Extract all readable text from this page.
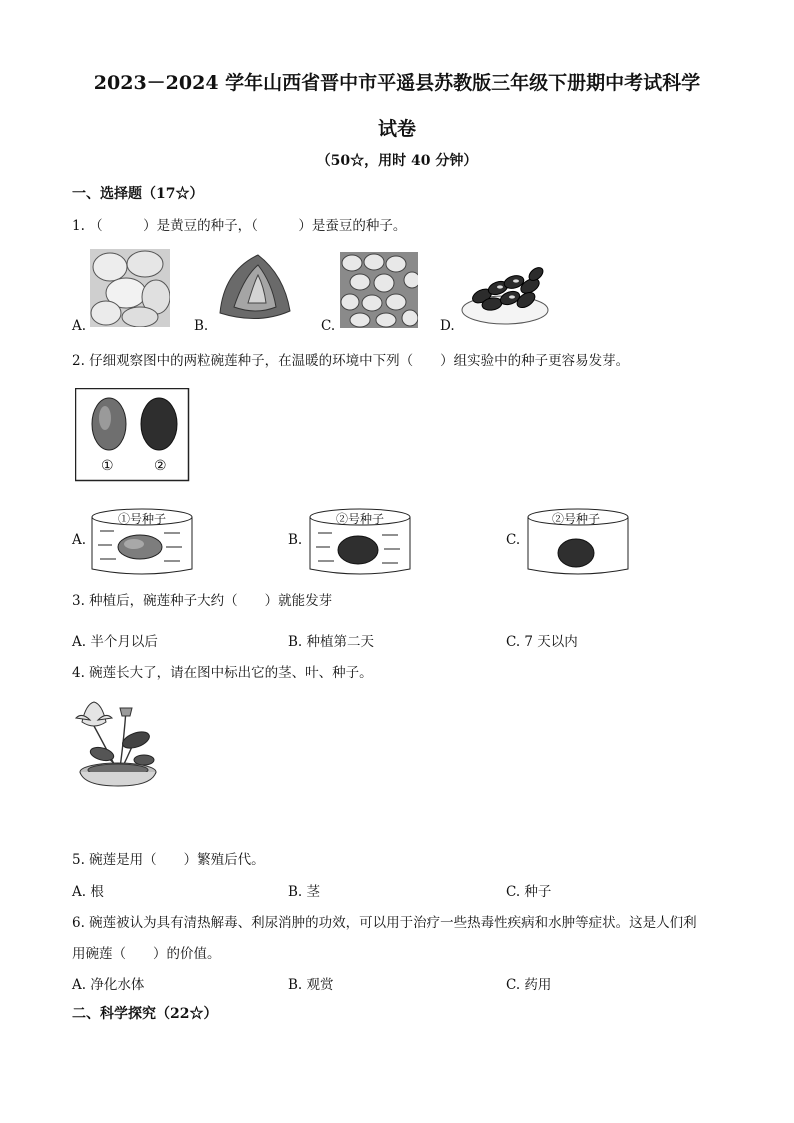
2023－2024 学年山西省晋中市平遥县苏教版三年级下册期中考试科学
试卷
（50☆，用时 40 分钟）
一、选择题（17☆）
1. （　　　）是黄豆的种子，（　　　）是蚕豆的种子。
A.	B.	C.	D.
2. 仔细观察图中的两粒碗莲种子，在温暖的环境中下列（　　）组实验中的种子更容易发芽。
①	②
A.
①号种子
B.
②号种子
C.
②号种子
3. 种植后，碗莲种子大约（　　）就能发芽
A. 半个月以后	B. 种植第二天	C. 7 天以内
4. 碗莲长大了，请在图中标出它的茎、叶、种子。
5. 碗莲是用（　　）繁殖后代。
A. 根	B. 茎	C. 种子
6. 碗莲被认为具有清热解毒、利尿消肿的功效，可以用于治疗一些热毒性疾病和水肿等症状。这是人们利
用碗莲（　　）的价值。
A. 净化水体	B. 观赏	C. 药用
二、科学探究（22☆）
